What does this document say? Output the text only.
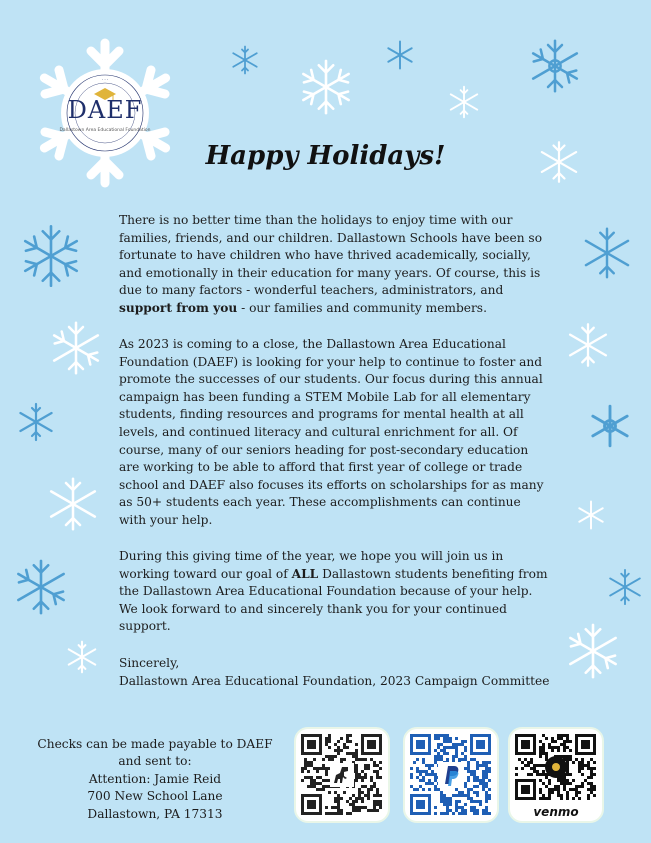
· · ·
DAEF
Dallastown Area Educational Foundation
Happy Holidays!

There is no better time than the holidays to enjoy time with our families, friends, and our children. Dallastown Schools have been so fortunate to have children who have thrived academically, socially, and emotionally in their education for many years. Of course, this is due to many factors - wonderful teachers, administrators, and support from you - our families and community members.

As 2023 is coming to a close, the Dallastown Area Educational Foundation (DAEF) is looking for your help to continue to foster and promote the successes of our students. Our focus during this annual campaign has been funding a STEM Mobile Lab for all elementary students, finding resources and programs for mental health at all levels, and continued literacy and cultural enrichment for all. Of course, many of our seniors heading for post-secondary education are working to be able to afford that first year of college or trade school and DAEF also focuses its efforts on scholarships for as many as 50+ students each year. These accomplishments can continue with your help.

During this giving time of the year, we hope you will join us in working toward our goal of ALL Dallastown students benefiting from the Dallastown Area Educational Foundation because of your help. We look forward to and sincerely thank you for your continued support.

Sincerely,

Dallastown Area Educational Foundation, 2023 Campaign Committee

Checks can be made payable to DAEF
and sent to:
Attention: Jamie Reid
700 New School Lane
Dallastown, PA 17313	venmo
